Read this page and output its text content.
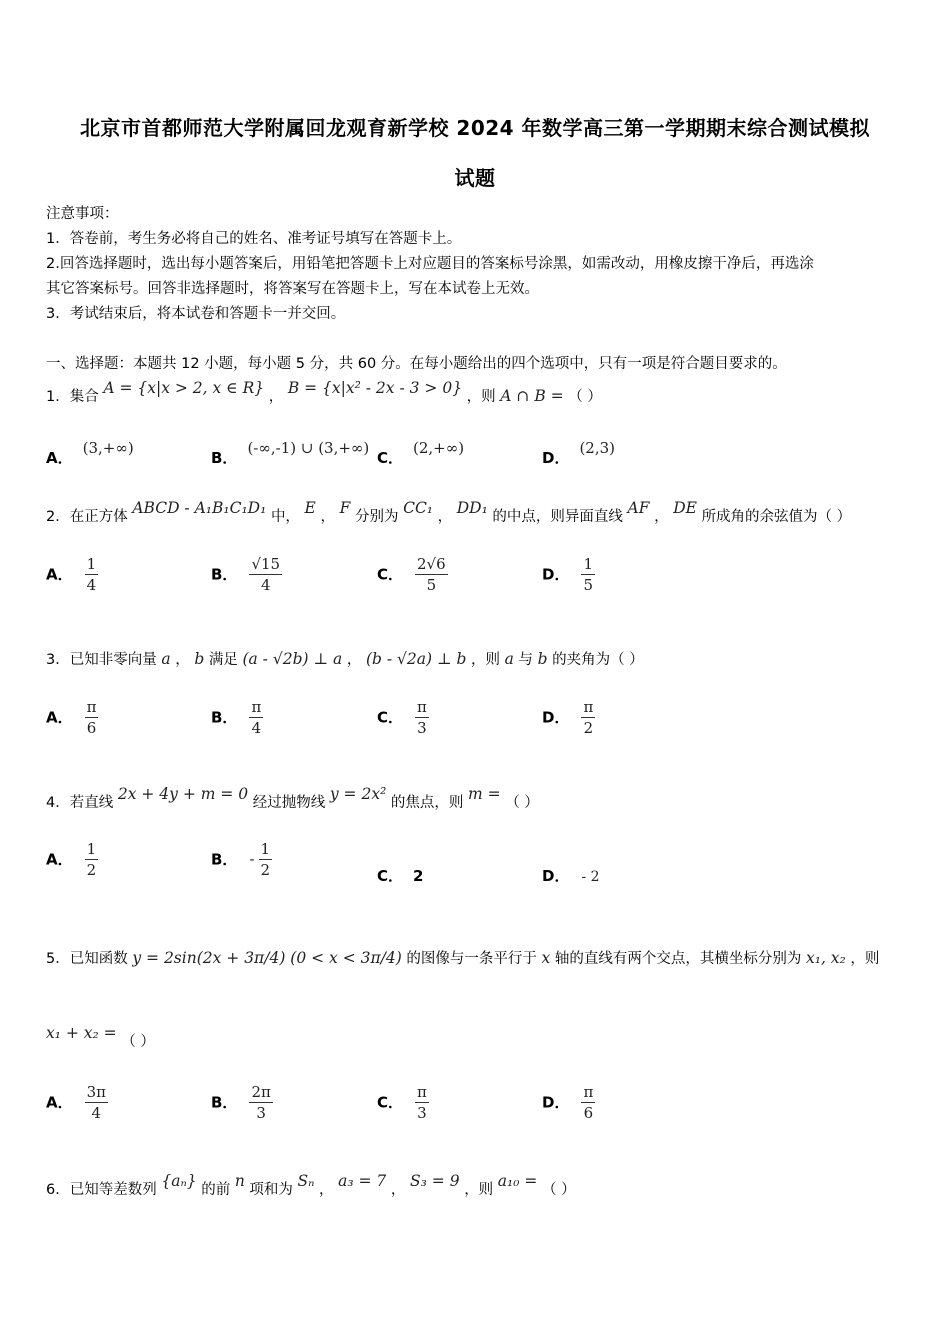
北京市首都师范大学附属回龙观育新学校 2024 年数学高三第一学期期末综合测试模拟
试题
注意事项：
1．答卷前，考生务必将自己的姓名、准考证号填写在答题卡上。
2.回答选择题时，选出每小题答案后，用铅笔把答题卡上对应题目的答案标号涂黑，如需改动，用橡皮擦干净后，再选涂
其它答案标号。回答非选择题时，将答案写在答题卡上，写在本试卷上无效。
3．考试结束后，将本试卷和答题卡一并交回。
一、选择题：本题共 12 小题，每小题 5 分，共 60 分。在每小题给出的四个选项中，只有一项是符合题目要求的。
1．集合 A = {x|x > 2, x ∈ R} ， B = {x|x² - 2x - 3 > 0} ，则 A ∩ B = （ ）
A．(3,+∞)
B．(-∞,-1) ∪ (3,+∞)
C．(2,+∞)
D．(2,3)
2．在正方体 ABCD - A₁B₁C₁D₁ 中， E ， F 分别为 CC₁ ， DD₁ 的中点，则异面直线 AF ， DE 所成角的余弦值为（ ）
A． $\frac{1}{4}$	B． $\frac{√15}{4}$	C． $\frac{2√6}{5}$	D． $\frac{1}{5}$
3．已知非零向量 a ， b 满足 (a - √2b) ⊥ a ， (b - √2a) ⊥ b ，则 a 与 b 的夹角为（ ）
A． $\frac{\pi}{6}$	B． $\frac{\pi}{4}$	C． $\frac{\pi}{3}$	D． $\frac{\pi}{2}$
4．若直线 2x + 4y + m = 0 经过抛物线 y = 2x² 的焦点，则 m = （ ）
A． $\frac{1}{2}$	B． - $\frac{1}{2}$	C． 2	D． - 2
5．已知函数 y = 2sin(2x + 3π/4) (0 < x < 3π/4) 的图像与一条平行于 x 轴的直线有两个交点，其横坐标分别为 x₁, x₂ ，则
x₁ + x₂ = （ ）
A． $\frac{3\pi}{4}$	B． $\frac{2\pi}{3}$	C． $\frac{\pi}{3}$	D． $\frac{\pi}{6}$
6．已知等差数列 {aₙ} 的前 n 项和为 Sₙ ， a₃ = 7 ， S₃ = 9 ，则 a₁₀ = （ ）
